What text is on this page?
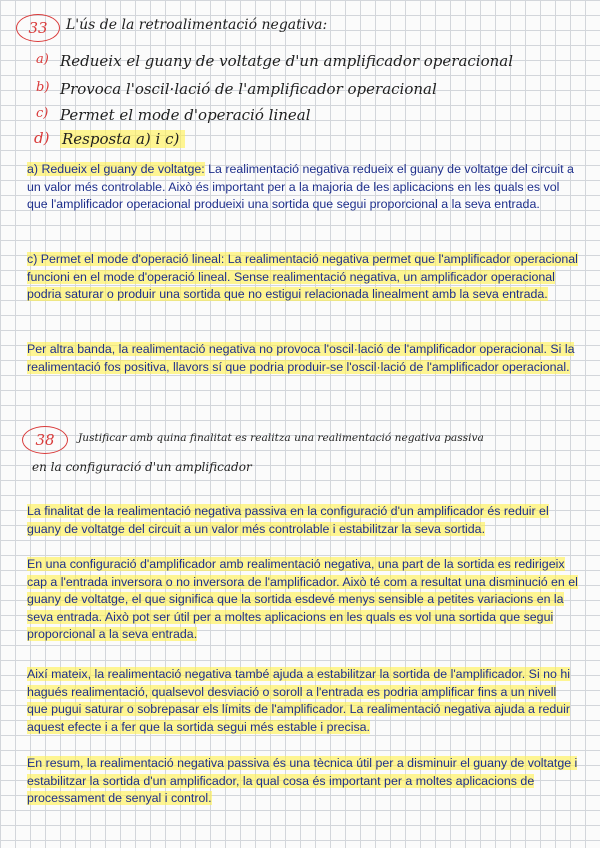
33 L'ús de la retroalimentació negativa:
a) Redueix el guany de voltatge d'un amplificador operacional
b) Provoca l'oscil·lació de l'amplificador operacional
c) Permet el mode d'operació lineal
d) Resposta a) i c)

a) Redueix el guany de voltatge: La realimentació negativa redueix el guany de voltatge del circuit a un valor més controlable. Això és important per a la majoria de les aplicacions en les quals es vol que l'amplificador operacional produeixi una sortida que segui proporcional a la seva entrada.

c) Permet el mode d'operació lineal: La realimentació negativa permet que l'amplificador operacional funcioni en el mode d'operació lineal. Sense realimentació negativa, un amplificador operacional podria saturar o produir una sortida que no estigui relacionada linealment amb la seva entrada.

Per altra banda, la realimentació negativa no provoca l'oscil·lació de l'amplificador operacional. Si la realimentació fos positiva, llavors sí que podria produir-se l'oscil·lació de l'amplificador operacional.

38 Justificar amb quina finalitat es realitza una realimentació negativa passiva
en la configuració d'un amplificador

La finalitat de la realimentació negativa passiva en la configuració d'un amplificador és reduir el guany de voltatge del circuit a un valor més controlable i estabilitzar la seva sortida.

En una configuració d'amplificador amb realimentació negativa, una part de la sortida es redirigeix cap a l'entrada inversora o no inversora de l'amplificador. Això té com a resultat una disminució en el guany de voltatge, el que significa que la sortida esdevé menys sensible a petites variacions en la seva entrada. Això pot ser útil per a moltes aplicacions en les quals es vol una sortida que segui proporcional a la seva entrada.

Així mateix, la realimentació negativa també ajuda a estabilitzar la sortida de l'amplificador. Si no hi hagués realimentació, qualsevol desviació o soroll a l'entrada es podria amplificar fins a un nivell que pugui saturar o sobrepasar els límits de l'amplificador. La realimentació negativa ajuda a reduir aquest efecte i a fer que la sortida segui més estable i precisa.

En resum, la realimentació negativa passiva és una tècnica útil per a disminuir el guany de voltatge i estabilitzar la sortida d'un amplificador, la qual cosa és important per a moltes aplicacions de processament de senyal i control.
